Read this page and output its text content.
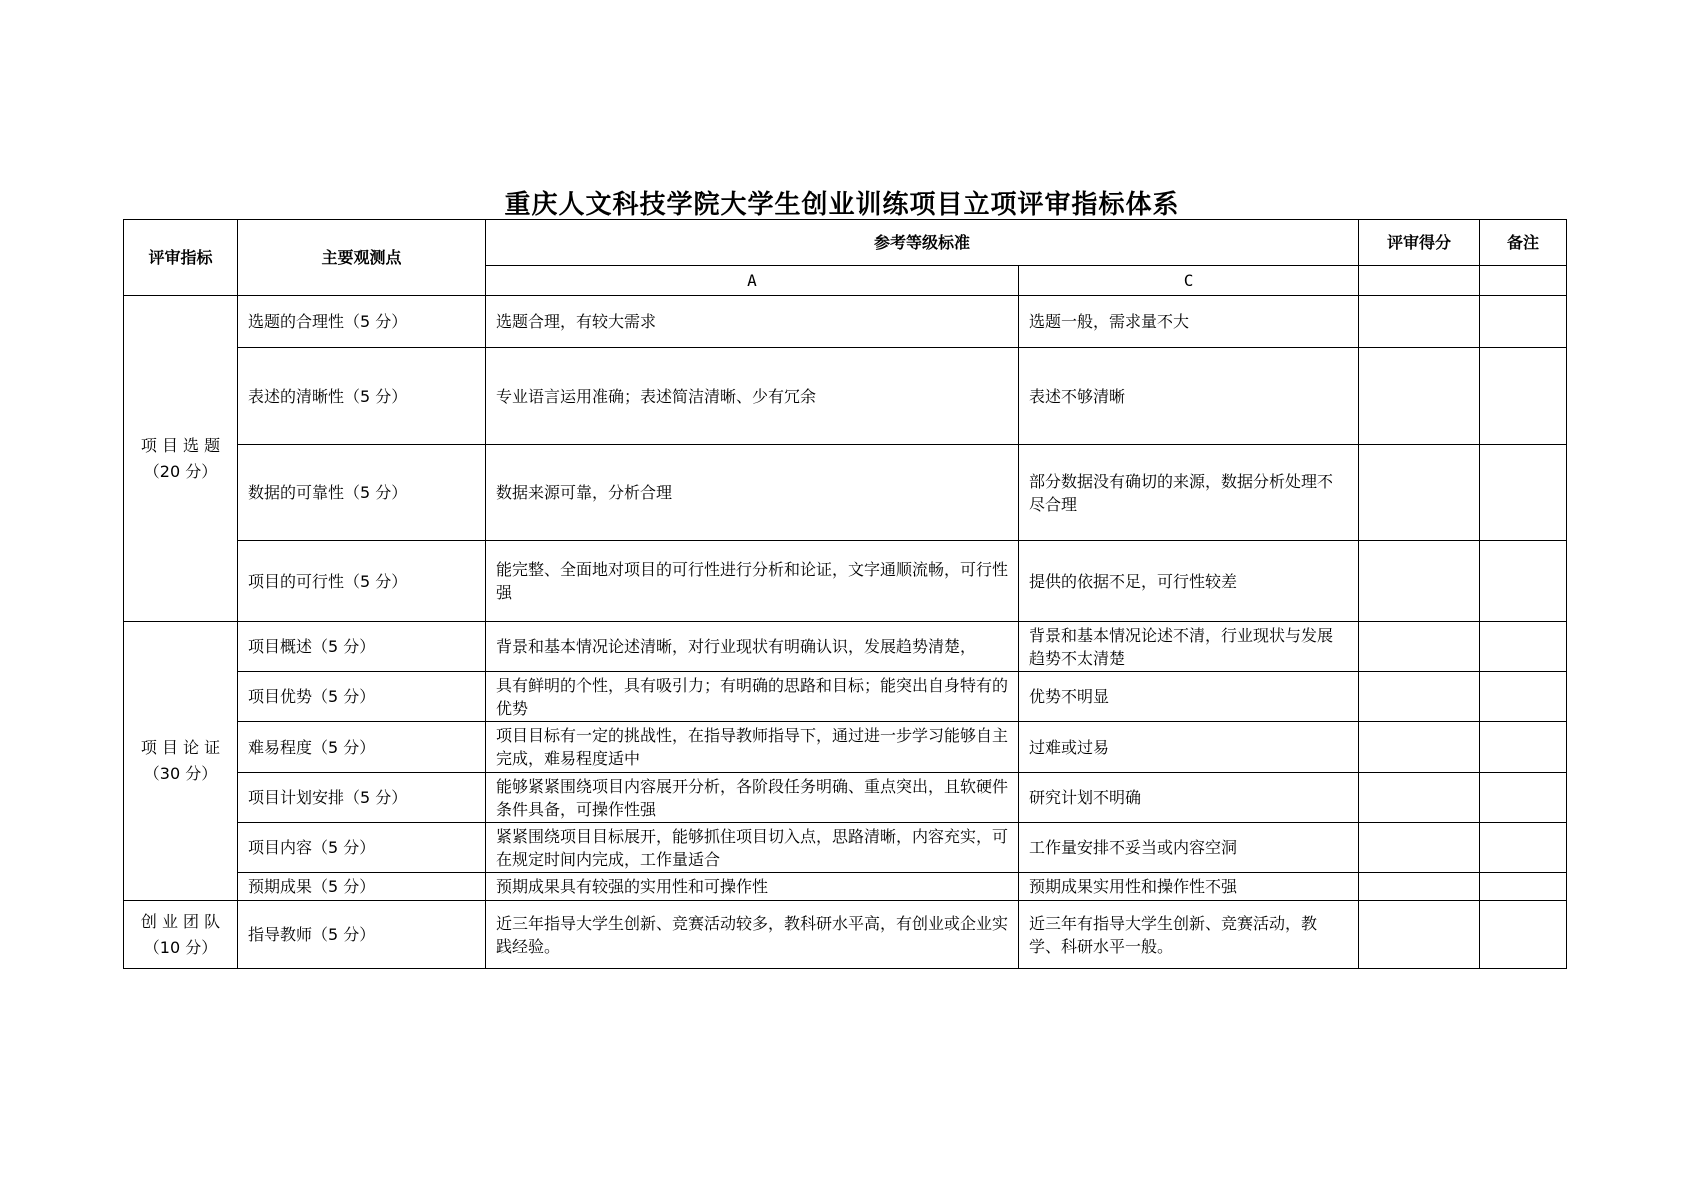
重庆人文科技学院大学生创业训练项目立项评审指标体系
评审指标	主要观测点	参考等级标准		评审得分	备注
		A	C		

项 目 选 题
（20 分）	选题的合理性（5 分）	选题合理，有较大需求	选题一般，需求量不大		
	表述的清晰性（5 分）	专业语言运用准确；表述简洁清晰、少有冗余	表述不够清晰		
	数据的可靠性（5 分）	数据来源可靠，分析合理	部分数据没有确切的来源，数据分析处理不尽合理		
	项目的可行性（5 分）	能完整、全面地对项目的可行性进行分析和论证，文字通顺流畅，可行性强	提供的依据不足，可行性较差		

项 目 论 证
（30 分）	项目概述（5 分）	背景和基本情况论述清晰，对行业现状有明确认识，发展趋势清楚，	背景和基本情况论述不清，行业现状与发展趋势不太清楚		
	项目优势（5 分）	具有鲜明的个性，具有吸引力；有明确的思路和目标；能突出自身特有的优势	优势不明显		
	难易程度（5 分）	项目目标有一定的挑战性，在指导教师指导下，通过进一步学习能够自主完成，难易程度适中	过难或过易		
	项目计划安排（5 分）	能够紧紧围绕项目内容展开分析，各阶段任务明确、重点突出，且软硬件条件具备，可操作性强	研究计划不明确		
	项目内容（5 分）	紧紧围绕项目目标展开，能够抓住项目切入点，思路清晰，内容充实，可在规定时间内完成，工作量适合	工作量安排不妥当或内容空洞		
	预期成果（5 分）	预期成果具有较强的实用性和可操作性	预期成果实用性和操作性不强		

创 业 团 队
（10 分）	指导教师（5 分）	近三年指导大学生创新、竞赛活动较多，教科研水平高，有创业或企业实践经验。	近三年有指导大学生创新、竞赛活动，教学、科研水平一般。		
